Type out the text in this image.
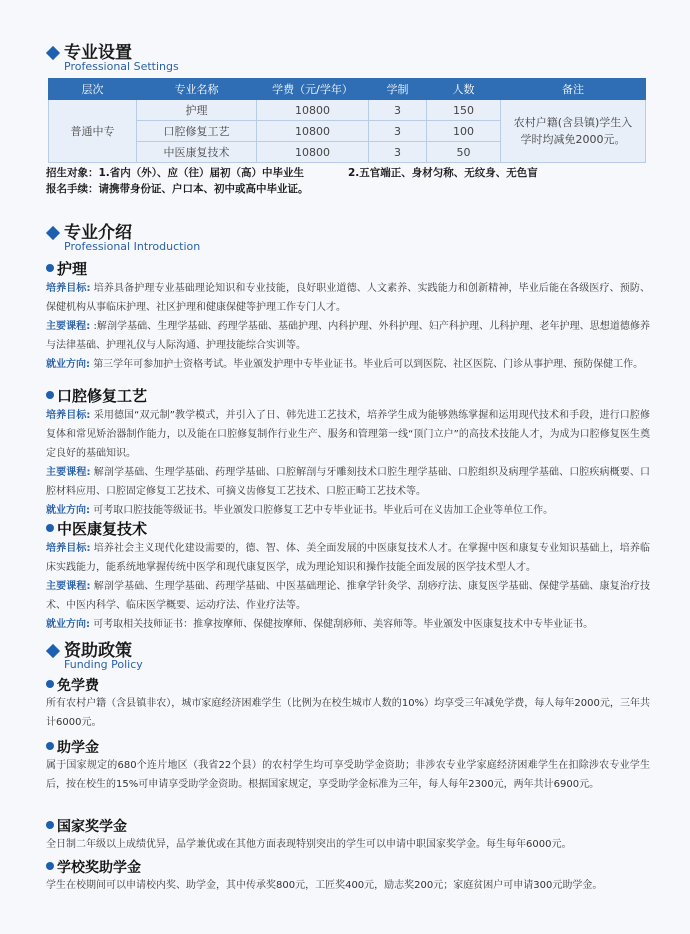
专业设置
Professional Settings
层次	专业名称	学费（元/学年）	学制	人数	备注
普通中专	护理	10800	3	150	农村户籍(含县镇)学生入学时均减免2000元。
	口腔修复工艺	10800	3	100	
	中医康复技术	10800	3	50	
招生对象：1.省内（外）、应（往）届初（高）中毕业生	2.五官端正、身材匀称、无纹身、无色盲
报名手续：请携带身份证、户口本、初中或高中毕业证。
专业介绍
Professional Introduction
护理
培养目标: 培养具备护理专业基础理论知识和专业技能，良好职业道德、人文素养、实践能力和创新精神，毕业后能在各级医疗、预防、保健机构从事临床护理、社区护理和健康保健等护理工作专门人才。
主要课程: :解剖学基础、生理学基础、药理学基础、基础护理、内科护理、外科护理、妇产科护理、儿科护理、老年护理、思想道德修养与法律基础、护理礼仪与人际沟通、护理技能综合实训等。
就业方向: 第三学年可参加护士资格考试。毕业颁发护理中专毕业证书。毕业后可以到医院、社区医院、门诊从事护理、预防保健工作。
口腔修复工艺
培养目标: 采用德国“双元制”教学模式，并引入了日、韩先进工艺技术，培养学生成为能够熟练掌握和运用现代技术和手段，进行口腔修复体和常见矫治器制作能力，以及能在口腔修复制作行业生产、服务和管理第一线“顶门立户”的高技术技能人才，为成为口腔修复医生奠定良好的基础知识。
主要课程: 解剖学基础、生理学基础、药理学基础、口腔解剖与牙雕刻技术口腔生理学基础、口腔组织及病理学基础、口腔疾病概要、口腔材料应用、口腔固定修复工艺技术、可摘义齿修复工艺技术、口腔正畸工艺技术等。
就业方向: 可考取口腔技能等级证书。毕业颁发口腔修复工艺中专毕业证书。毕业后可在义齿加工企业等单位工作。
中医康复技术
培养目标: 培养社会主义现代化建设需要的，德、智、体、美全面发展的中医康复技术人才。在掌握中医和康复专业知识基础上，培养临床实践能力，能系统地掌握传统中医学和现代康复医学，成为理论知识和操作技能全面发展的医学技术型人才。
主要课程: 解剖学基础、生理学基础、药理学基础、中医基础理论、推拿学针灸学、刮痧疗法、康复医学基础、保健学基础、康复治疗技术、中医内科学、临床医学概要、运动疗法、作业疗法等。
就业方向: 可考取相关技师证书：推拿按摩师、保健按摩师、保健刮痧师、美容师等。毕业颁发中医康复技术中专毕业证书。
资助政策
Funding Policy
免学费
所有农村户籍（含县镇非农），城市家庭经济困难学生（比例为在校生城市人数的10%）均享受三年减免学费，每人每年2000元，三年共计6000元。
助学金
属于国家规定的680个连片地区（我省22个县）的农村学生均可享受助学金资助；非涉农专业学家庭经济困难学生在扣除涉农专业学生后，按在校生的15%可申请享受助学金资助。根据国家规定，享受助学金标准为三年，每人每年2300元，两年共计6900元。
国家奖学金
全日制二年级以上成绩优异，品学兼优或在其他方面表现特别突出的学生可以申请中职国家奖学金。每生每年6000元。
学校奖助学金
学生在校期间可以申请校内奖、助学金，其中传承奖800元，工匠奖400元，励志奖200元；家庭贫困户可申请300元助学金。
